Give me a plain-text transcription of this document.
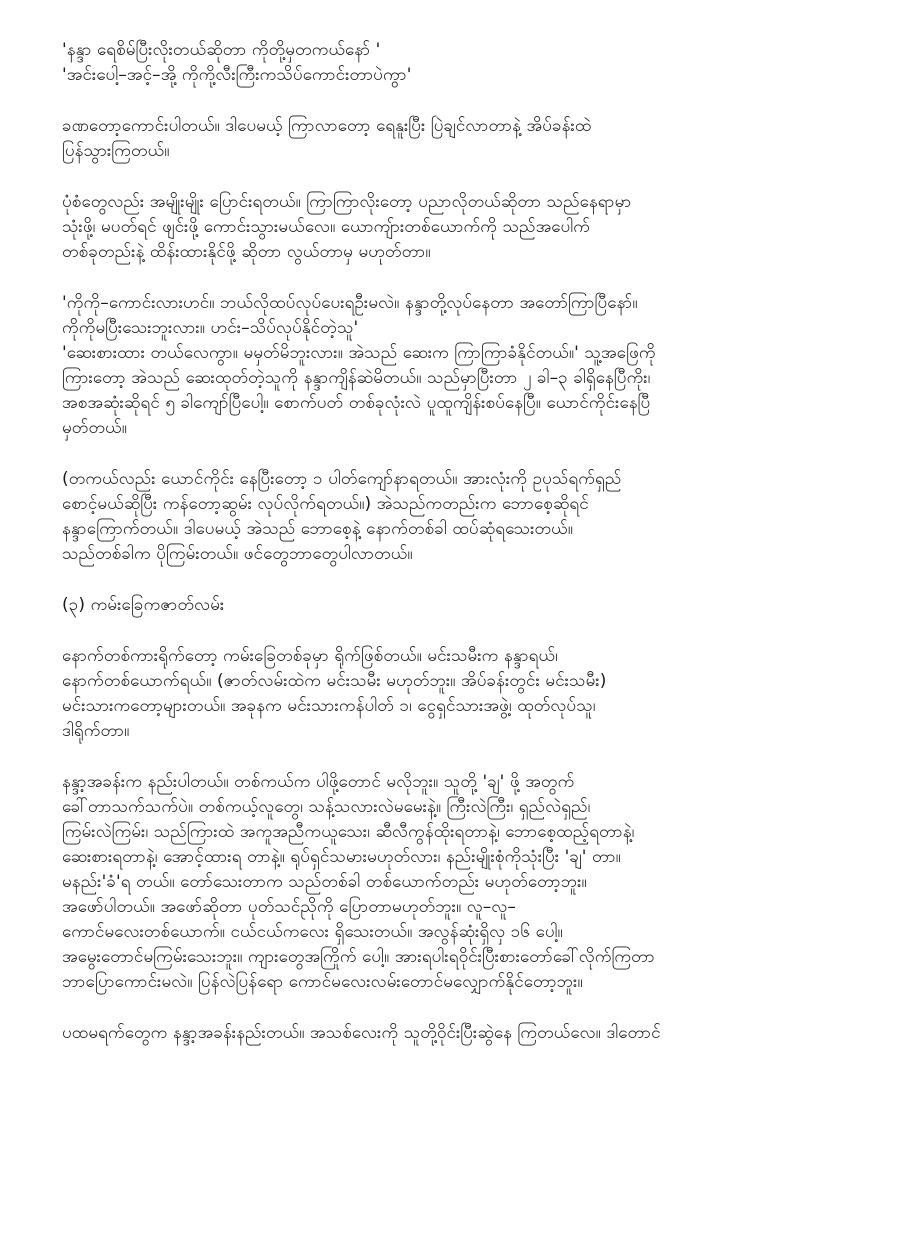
'နန္ဒာ ရေစိမ်ပြီးလိုးတယ်ဆိုတာ ကိုတို့မှတကယ်နော် '
'အင်းပေါ့–အင့်–အို့ ကိုကို့လီးကြီးကသိပ်ကောင်းတာပဲကွာ'
ခဏတော့ကောင်းပါတယ်။ ဒါပေမယ့် ကြာလာတော့ ရေနူးပြီး ပြဲချင်လာတာနဲ့ အိပ်ခန်းထဲ
ပြန်သွားကြတယ်။
ပုံစံတွေလည်း အမျိုးမျိုး ပြောင်းရတယ်။ ကြာကြာလိုးတော့ ပညာလိုတယ်ဆိုတာ သည်နေရာမှာ
သုံးဖို့၊ မပတ်ရင် ဖျင်းဖို့ ကောင်းသွားမယ်လေ။ ယောကျ်ားတစ်ယောက်ကို သည်အပေါက်
တစ်ခုတည်းနဲ့ ထိန်းထားနိုင်ဖို့ ဆိုတာ လွယ်တာမှ မဟုတ်တာ။
'ကိုကို–ကောင်းလားဟင်။ ဘယ်လိုထပ်လုပ်ပေးရဦးမလဲ။ နန္ဒာတို့လုပ်နေတာ အတော်ကြာပြီနော်။
ကိုကိုမပြီးသေးဘူးလား။ ဟင်း–သိပ်လုပ်နိုင်တဲ့သူ'
'ဆေးစားထား တယ်လေကွာ။ မမှတ်မိဘူးလား။ အဲသည် ဆေးက ကြာကြာခံနိုင်တယ်။' သူ့အဖြေကို
ကြားတော့ အဲသည် ဆေးထုတ်တဲ့သူကို နန္ဒာကျိန်ဆဲမိတယ်။ သည်မှာပြီးတာ ၂ ခါ–၃ ခါရှိနေပြီကိုး၊
အစအဆုံးဆိုရင် ၅ ခါကျော်ပြီပေါ့။ စောက်ပတ် တစ်ခုလုံးလဲ ပူထူကျိန်းစပ်နေပြီ။ ယောင်ကိုင်းနေပြီ
မှတ်တယ်။
(တကယ်လည်း ယောင်ကိုင်း နေပြီးတော့ ၁ ပါတ်ကျော်နာရတယ်။ အားလုံးကို ဥပုသ်ရက်ရှည်
စောင့်မယ်ဆိုပြီး ကန်တော့ဆွမ်း လုပ်လိုက်ရတယ်။) အဲသည်ကတည်းက ဘောစေ့ဆိုရင်
နန္ဒာကြောက်တယ်။ ဒါပေမယ့် အဲသည် ဘောစေ့နဲ့ နောက်တစ်ခါ ထပ်ဆုံရသေးတယ်။
သည်တစ်ခါက ပိုကြမ်းတယ်။ ဖင်တွေဘာတွေပါလာတယ်။
(၃) ကမ်းခြေကဇာတ်လမ်း
နောက်တစ်ကားရိုက်တော့ ကမ်းခြေတစ်ခုမှာ ရိုက်ဖြစ်တယ်။ မင်းသမီးက နန္ဒာရယ်၊
နောက်တစ်ယောက်ရယ်။ (ဇာတ်လမ်းထဲက မင်းသမီး မဟုတ်ဘူး။ အိပ်ခန်းတွင်း မင်းသမီး)
မင်းသားကတော့များတယ်။ အခုနက မင်းသားကန်ပါတ် ၁၊ ငွေရှင်သားအဖွဲ့၊ ထုတ်လုပ်သူ၊
ဒါရိုက်တာ။
နန္ဒာ့အခန်းက နည်းပါတယ်။ တစ်ကယ်က ပါဖို့တောင် မလိုဘူး။ သူတို့ 'ချ' ဖို့ အတွက်
ခေါ်တာသက်သက်ပဲ။ တစ်ကယ့်လူတွေ၊ သန့်သလားလဲမမေးနဲ့။ ကြီးလဲကြီး၊ ရှည်လဲရှည်၊
ကြမ်းလဲကြမ်း၊ သည်ကြားထဲ အကူအညီကယူသေး၊ ဆီလီကွန်ထိုးရတာနဲ့၊ ဘောစေ့ထည့်ရတာနဲ့၊
ဆေးစားရတာနဲ့၊ အောင့်ထားရ တာနဲ့။ ရုပ်ရှင်သမားမဟုတ်လား၊ နည်းမျိုးစုံကိုသုံးပြီး 'ချ' တာ။
မနည်း'ခံ'ရ တယ်။ တော်သေးတာက သည်တစ်ခါ တစ်ယောက်တည်း မဟုတ်တော့ဘူး။
အဖော်ပါတယ်။ အဖော်ဆိုတာ ပုတ်သင်ညိုကို ပြောတာမဟုတ်ဘူး။ လူ–လူ–
ကောင်မလေးတစ်ယောက်။ ငယ်ငယ်ကလေး ရှိသေးတယ်။ အလွန်ဆုံးရှိလှ ၁၆ ပေါ့။
အမွေးတောင်မကြမ်းသေးဘူး။ ကျားတွေအကြိုက် ပေါ့။ အားရပါးရဝိုင်းပြီးစားတော်ခေါ်လိုက်ကြတာ
ဘာပြောကောင်းမလဲ။ ပြန်လဲပြန်ရော ကောင်မလေးလမ်းတောင်မလျှောက်နိုင်တော့ဘူး။
ပထမရက်တွေက နန္ဒာ့အခန်းနည်းတယ်။ အသစ်လေးကို သူတို့ဝိုင်းပြီးဆွဲနေ ကြတယ်လေ။ ဒါတောင်
